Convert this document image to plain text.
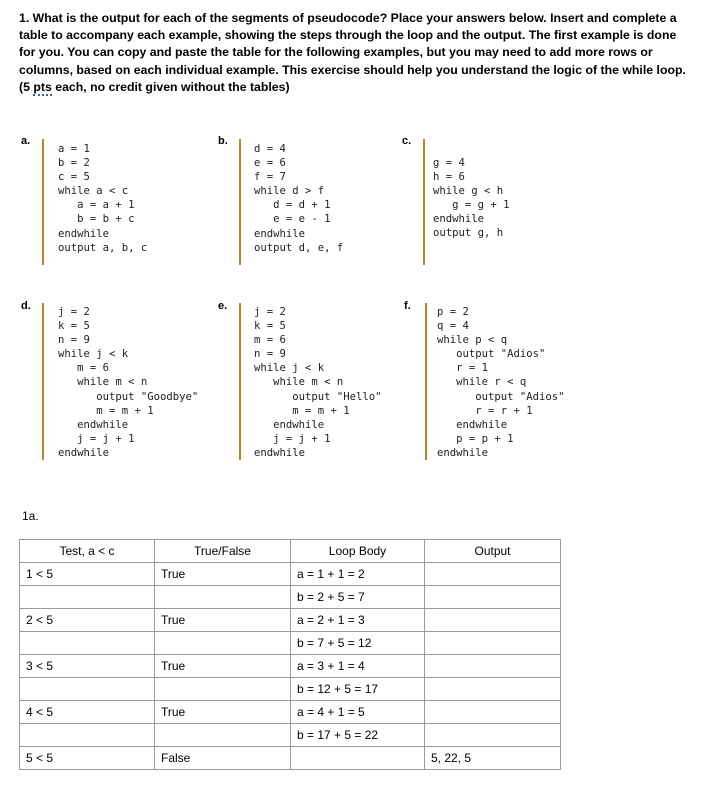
1. What is the output for each of the segments of pseudocode? Place your answers below. Insert and complete a table to accompany each example, showing the steps through the loop and the output. The first example is done for you. You can copy and paste the table for the following examples, but you may need to add more rows or columns, based on each individual example. This exercise should help you understand the logic of the while loop. (5 pts each, no credit given without the tables)

a.
a = 1
b = 2
c = 5
while a < c
a = a + 1
b = b + c
endwhile
output a, b, c
b.
d = 4
e = 6
f = 7
while d > f
d = d + 1
e = e - 1
endwhile
output d, e, f
c.
g = 4
h = 6
while g < h
g = g + 1
endwhile
output g, h
d.	j = 2
k = 5
n = 9
while j < k
m = 6
while m < n
output "Goodbye"
m = m + 1
endwhile
j = j + 1
endwhile
e.	j = 2
k = 5
m = 6
n = 9
while j < k
while m < n
output "Hello"
m = m + 1
endwhile
j = j + 1
endwhile
f. p = 2
q = 4
while p < q
output "Adios"
r = 1
while r < q
output "Adios"
r = r + 1
endwhile
p = p + 1
endwhile
1a.
Test, a < c	True/False	Loop Body	Output
1 < 5	True	a = 1 + 1 = 2	
		b = 2 + 5 = 7	
2 < 5	True	a = 2 + 1 = 3	
		b = 7 + 5 = 12	
3 < 5	True	a = 3 + 1 = 4	
		b = 12 + 5 = 17	
4 < 5	True	a = 4 + 1 = 5	
		b = 17 + 5 = 22	
5 < 5	False		5, 22, 5
